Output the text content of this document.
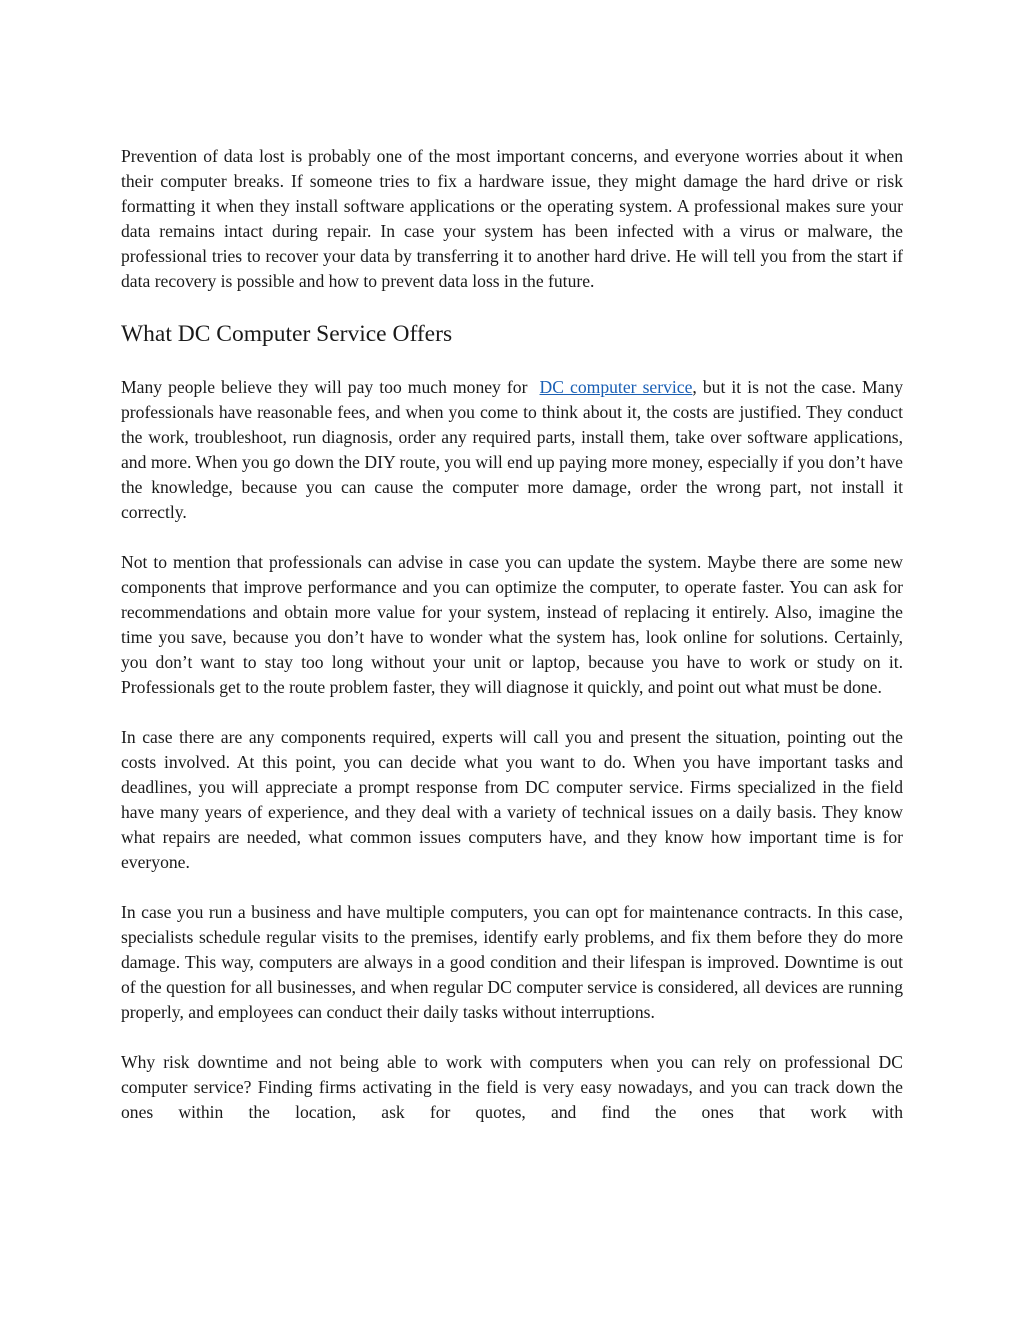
Prevention of data lost is probably one of the most important concerns, and everyone worries about it when their computer breaks. If someone tries to fix a hardware issue, they might damage the hard drive or risk formatting it when they install software applications or the operating system. A professional makes sure your data remains intact during repair. In case your system has been infected with a virus or malware, the professional tries to recover your data by transferring it to another hard drive. He will tell you from the start if data recovery is possible and how to prevent data loss in the future.

What DC Computer Service Offers

Many people believe they will pay too much money for DC computer service, but it is not the case. Many professionals have reasonable fees, and when you come to think about it, the costs are justified. They conduct the work, troubleshoot, run diagnosis, order any required parts, install them, take over software applications, and more. When you go down the DIY route, you will end up paying more money, especially if you don’t have the knowledge, because you can cause the computer more damage, order the wrong part, not install it correctly.

Not to mention that professionals can advise in case you can update the system. Maybe there are some new components that improve performance and you can optimize the computer, to operate faster. You can ask for recommendations and obtain more value for your system, instead of replacing it entirely. Also, imagine the time you save, because you don’t have to wonder what the system has, look online for solutions. Certainly, you don’t want to stay too long without your unit or laptop, because you have to work or study on it. Professionals get to the route problem faster, they will diagnose it quickly, and point out what must be done.

In case there are any components required, experts will call you and present the situation, pointing out the costs involved. At this point, you can decide what you want to do. When you have important tasks and deadlines, you will appreciate a prompt response from DC computer service. Firms specialized in the field have many years of experience, and they deal with a variety of technical issues on a daily basis. They know what repairs are needed, what common issues computers have, and they know how important time is for everyone.

In case you run a business and have multiple computers, you can opt for maintenance contracts. In this case, specialists schedule regular visits to the premises, identify early problems, and fix them before they do more damage. This way, computers are always in a good condition and their lifespan is improved. Downtime is out of the question for all businesses, and when regular DC computer service is considered, all devices are running properly, and employees can conduct their daily tasks without interruptions.

Why risk downtime and not being able to work with computers when you can rely on professional DC computer service? Finding firms activating in the field is very easy nowadays, and you can track down the ones within the location, ask for quotes, and find the ones that work with
